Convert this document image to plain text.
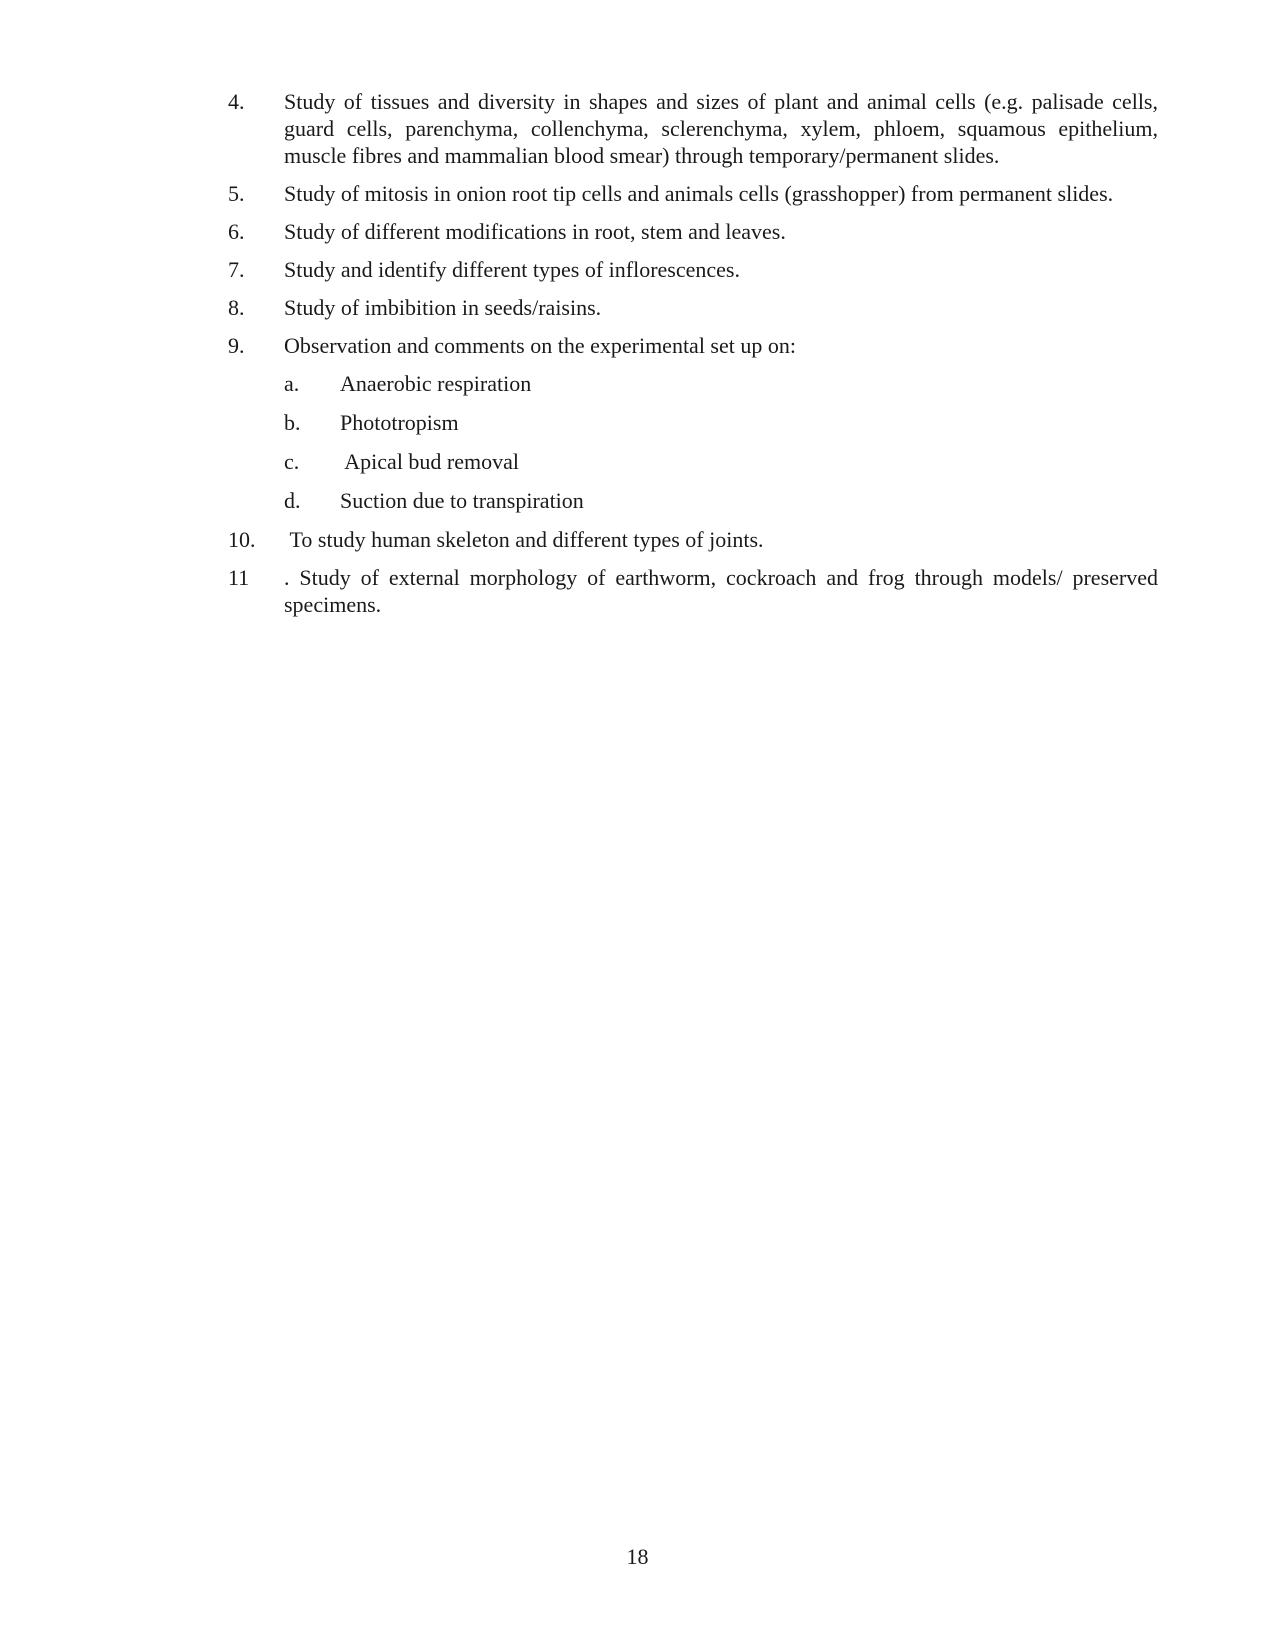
4.	Study of tissues and diversity in shapes and sizes of plant and animal cells (e.g. palisade cells, guard cells, parenchyma, collenchyma, sclerenchyma, xylem, phloem, squamous epithelium, muscle fibres and mammalian blood smear) through temporary/permanent slides.
5.	Study of mitosis in onion root tip cells and animals cells (grasshopper) from permanent slides.
6.	Study of different modifications in root, stem and leaves.
7.	Study and identify different types of inflorescences.
8.	Study of imbibition in seeds/raisins.
9.	Observation and comments on the experimental set up on:
a.	Anaerobic respiration
b.	Phototropism
c.	Apical bud removal
d.	Suction due to transpiration
10.	To study human skeleton and different types of joints.
11	. Study of external morphology of earthworm, cockroach and frog through models/ preserved specimens.
18
